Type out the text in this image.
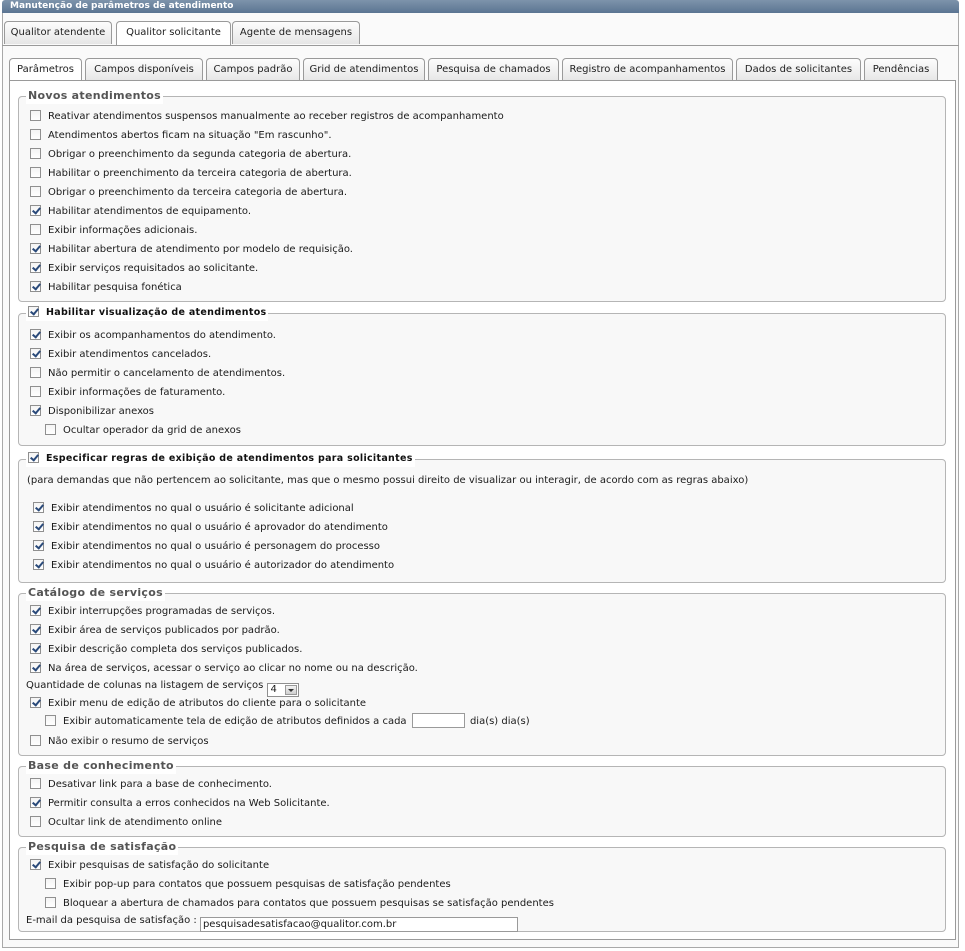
Manutenção de parâmetros de atendimento
Qualitor atendente	Qualitor solicitante	Agente de mensagens
Parâmetros	Campos disponíveis	Campos padrão	Grid de atendimentos	Pesquisa de chamados	Registro de acompanhamentos	Dados de solicitantes	Pendências
Novos atendimentos
Reativar atendimentos suspensos manualmente ao receber registros de acompanhamento
Atendimentos abertos ficam na situação "Em rascunho".
Obrigar o preenchimento da segunda categoria de abertura.
Habilitar o preenchimento da terceira categoria de abertura.
Obrigar o preenchimento da terceira categoria de abertura.
Habilitar atendimentos de equipamento.
Exibir informações adicionais.
Habilitar abertura de atendimento por modelo de requisição.
Exibir serviços requisitados ao solicitante.
Habilitar pesquisa fonética
Habilitar visualização de atendimentos
Exibir os acompanhamentos do atendimento.
Exibir atendimentos cancelados.
Não permitir o cancelamento de atendimentos.
Exibir informações de faturamento.
Disponibilizar anexos
Ocultar operador da grid de anexos
Especificar regras de exibição de atendimentos para solicitantes
(para demandas que não pertencem ao solicitante, mas que o mesmo possui direito de visualizar ou interagir, de acordo com as regras abaixo)
Exibir atendimentos no qual o usuário é solicitante adicional
Exibir atendimentos no qual o usuário é aprovador do atendimento
Exibir atendimentos no qual o usuário é personagem do processo
Exibir atendimentos no qual o usuário é autorizador do atendimento
Catálogo de serviços
Exibir interrupções programadas de serviços.
Exibir área de serviços publicados por padrão.
Exibir descrição completa dos serviços publicados.
Na área de serviços, acessar o serviço ao clicar no nome ou na descrição.
Quantidade de colunas na listagem de serviços 4
Exibir menu de edição de atributos do cliente para o solicitante
Exibir automaticamente tela de edição de atributos definidos a cada	dia(s) dia(s)
Não exibir o resumo de serviços
Base de conhecimento
Desativar link para a base de conhecimento.
Permitir consulta a erros conhecidos na Web Solicitante.
Ocultar link de atendimento online
Pesquisa de satisfação
Exibir pesquisas de satisfação do solicitante
Exibir pop-up para contatos que possuem pesquisas de satisfação pendentes
Bloquear a abertura de chamados para contatos que possuem pesquisas se satisfação pendentes
E-mail da pesquisa de satisfação : pesquisadesatisfacao@qualitor.com.br
